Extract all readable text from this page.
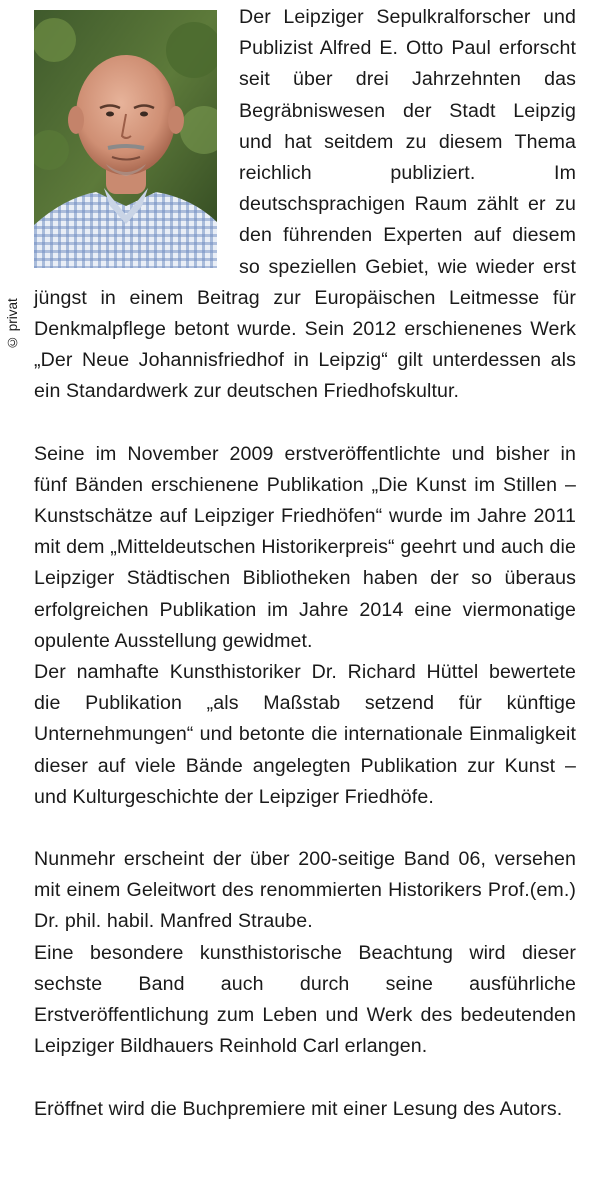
© privat

Der Leipziger Sepulkralforscher und Publizist Alfred E. Otto Paul erforscht seit über drei Jahrzehnten das Begräbniswesen der Stadt Leipzig und hat seitdem zu diesem Thema reichlich publiziert. Im deutschsprachigen Raum zählt er zu den führenden Experten auf diesem so speziellen Gebiet, wie wieder erst jüngst in einem Beitrag zur Europäischen Leitmesse für Denkmalpflege betont wurde. Sein 2012 erschienenes Werk „Der Neue Johannisfriedhof in Leipzig“ gilt unterdessen als ein Standardwerk zur deutschen Friedhofskultur.

Seine im November 2009 erstveröffentlichte und bisher in fünf Bänden erschienene Publikation „Die Kunst im Stillen – Kunstschätze auf Leipziger Friedhöfen“ wurde im Jahre 2011 mit dem „Mitteldeutschen Historikerpreis“ geehrt und auch die Leipziger Städtischen Bibliotheken haben der so überaus erfolgreichen Publikation im Jahre 2014 eine viermonatige opulente Ausstellung gewidmet.

Der namhafte Kunsthistoriker Dr. Richard Hüttel bewertete die Publikation „als Maßstab setzend für künftige Unternehmungen“ und betonte die internationale Einmaligkeit dieser auf viele Bände angelegten Publikation zur Kunst – und Kulturgeschichte der Leipziger Friedhöfe.

Nunmehr erscheint der über 200-seitige Band 06, versehen mit einem Geleitwort des renommierten Historikers Prof.(em.) Dr. phil. habil. Manfred Straube.

Eine besondere kunsthistorische Beachtung wird dieser sechste Band auch durch seine ausführliche Erstveröffentlichung zum Leben und Werk des bedeutenden Leipziger Bildhauers Reinhold Carl erlangen.

Eröffnet wird die Buchpremiere mit einer Lesung des Autors.
